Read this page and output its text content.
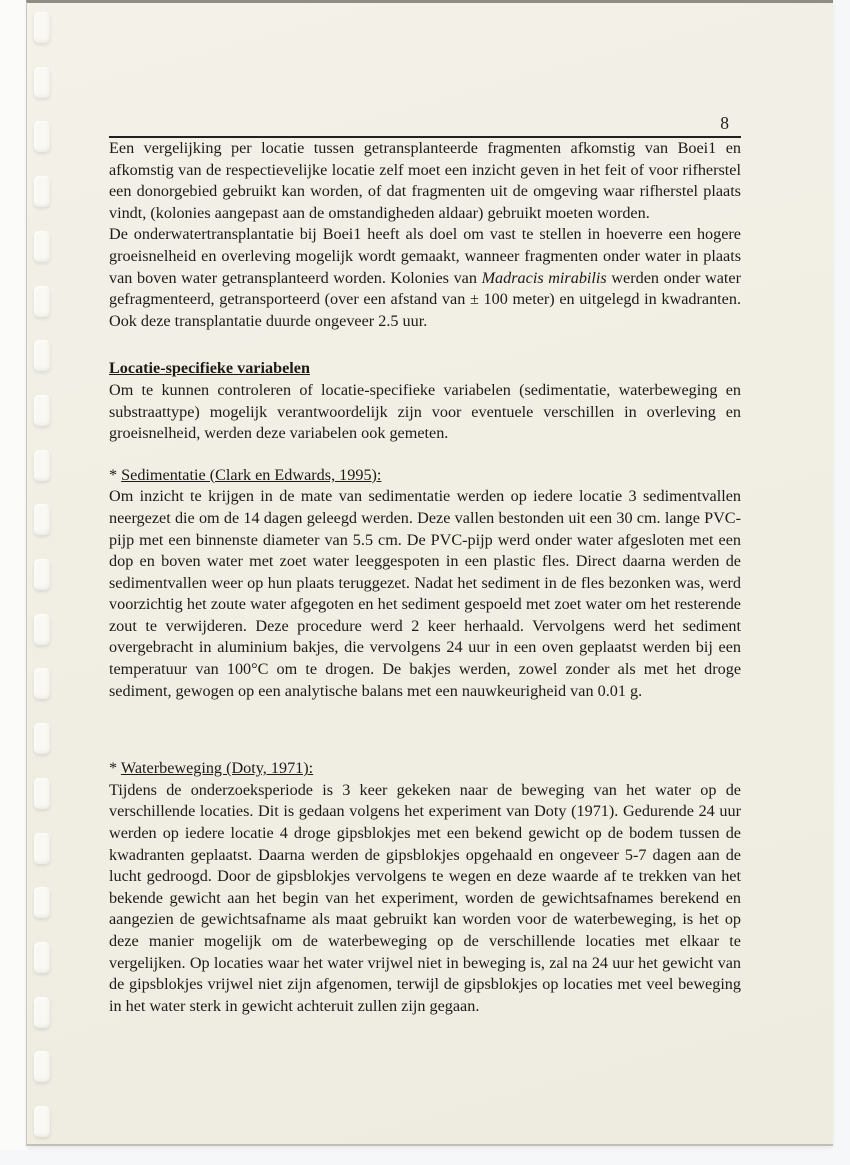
8

Een vergelijking per locatie tussen getransplanteerde fragmenten afkomstig van Boei1 en afkomstig van de respectievelijke locatie zelf moet een inzicht geven in het feit of voor rifherstel een donorgebied gebruikt kan worden, of dat fragmenten uit de omgeving waar rifherstel plaats vindt, (kolonies aangepast aan de omstandigheden aldaar) gebruikt moeten worden.

De onderwatertransplantatie bij Boei1 heeft als doel om vast te stellen in hoeverre een hogere groeisnelheid en overleving mogelijk wordt gemaakt, wanneer fragmenten onder water in plaats van boven water getransplanteerd worden. Kolonies van Madracis mirabilis werden onder water gefragmenteerd, getransporteerd (over een afstand van ± 100 meter) en uitgelegd in kwadranten. Ook deze transplantatie duurde ongeveer 2.5 uur.

Locatie-specifieke variabelen

Om te kunnen controleren of locatie-specifieke variabelen (sedimentatie, waterbeweging en substraattype) mogelijk verantwoordelijk zijn voor eventuele verschillen in overleving en groeisnelheid, werden deze variabelen ook gemeten.

* Sedimentatie (Clark en Edwards, 1995):

Om inzicht te krijgen in de mate van sedimentatie werden op iedere locatie 3 sedimentvallen neergezet die om de 14 dagen geleegd werden. Deze vallen bestonden uit een 30 cm. lange PVC-pijp met een binnenste diameter van 5.5 cm. De PVC-pijp werd onder water afgesloten met een dop en boven water met zoet water leeggespoten in een plastic fles. Direct daarna werden de sedimentvallen weer op hun plaats teruggezet. Nadat het sediment in de fles bezonken was, werd voorzichtig het zoute water afgegoten en het sediment gespoeld met zoet water om het resterende zout te verwijderen. Deze procedure werd 2 keer herhaald. Vervolgens werd het sediment overgebracht in aluminium bakjes, die vervolgens 24 uur in een oven geplaatst werden bij een temperatuur van 100°C om te drogen. De bakjes werden, zowel zonder als met het droge sediment, gewogen op een analytische balans met een nauwkeurigheid van 0.01 g.

* Waterbeweging (Doty, 1971):

Tijdens de onderzoeksperiode is 3 keer gekeken naar de beweging van het water op de verschillende locaties. Dit is gedaan volgens het experiment van Doty (1971). Gedurende 24 uur werden op iedere locatie 4 droge gipsblokjes met een bekend gewicht op de bodem tussen de kwadranten geplaatst. Daarna werden de gipsblokjes opgehaald en ongeveer 5-7 dagen aan de lucht gedroogd. Door de gipsblokjes vervolgens te wegen en deze waarde af te trekken van het bekende gewicht aan het begin van het experiment, worden de gewichtsafnames berekend en aangezien de gewichtsafname als maat gebruikt kan worden voor de waterbeweging, is het op deze manier mogelijk om de waterbeweging op de verschillende locaties met elkaar te vergelijken. Op locaties waar het water vrijwel niet in beweging is, zal na 24 uur het gewicht van de gipsblokjes vrijwel niet zijn afgenomen, terwijl de gipsblokjes op locaties met veel beweging in het water sterk in gewicht achteruit zullen zijn gegaan.
